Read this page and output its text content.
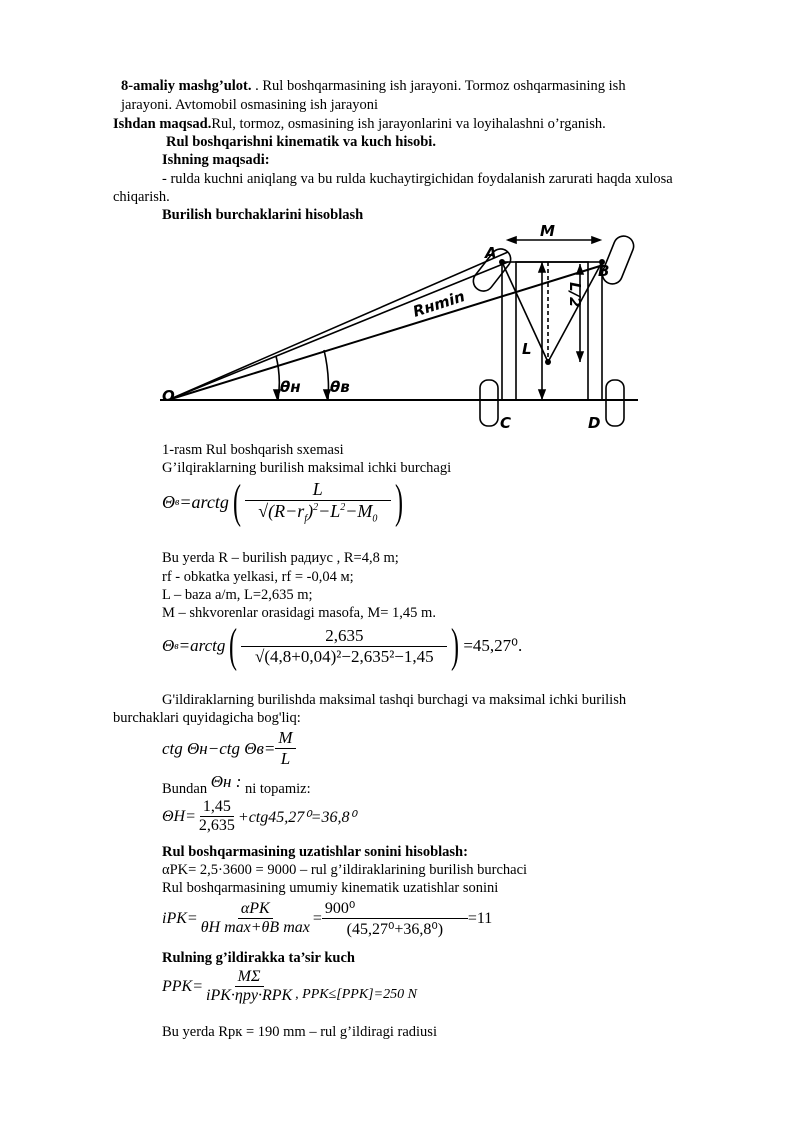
8-amaliy mashg’ulot. . Rul boshqarmasining ish jarayoni. Tormoz oshqarmasining ish
jarayoni. Avtomobil osmasining ish jarayoni
Ishdan maqsad.Rul, tormoz, osmasining ish jarayonlarini va loyihalashni o’rganish.
Rul boshqarishni kinematik va kuch hisobi.
Ishning maqsadi:
- rulda kuchni aniqlang va bu rulda kuchaytirgichidan foydalanish zarurati haqda xulosa
chiqarish.
Burilish burchaklarini hisoblash
O
A
B
C	D
M
L
L/2
Rнmin
θн θв
1-rasm Rul boshqarish sxemasi
G’ilqiraklarning burilish maksimal ichki burchagi
Θ в =arctg ( $\frac{L}{√(R-r_f)^2-L^2-M_0}$ )
Bu yerda R – burilish радиус , R=4,8 m;
rf - obkatka yelkasi, rf = -0,04 м;
L – baza a/m, L=2,635 m;
M – shkvorenlar orasidagi masofa, M= 1,45 m.
Θ в =arctg ( $\frac{2,635}{\text{√(4,8+0,04)²−2,635²−1,45}}$ ) =45,27⁰.
G'ildiraklarning burilishda maksimal tashqi burchagi va maksimal ichki burilish
burchaklari quyidagicha bog'liq:
ctg Θн−ctg $\Theta в= \frac{M}{L}$
Bundan Θн : ni topamiz:
$\Theta H= \frac{1,45}{2,635} +ctg45,27^0=36,8^0$
Rul boshqarmasining uzatishlar sonini hisoblash:
αPK= 2,5·3600 = 9000 – rul g’ildiraklarining burilish burchaci
Rul boshqarmasining umumiy kinematik uzatishlar sonini
$iPK= \frac{\text{αPK}}{\text{θH max+θB max}} = \frac{\text{900⁰}}{\text{(45,27⁰+36,8⁰)}} =11$
Rulning g’ildirakka ta’sir kuch
$PPK= \frac{M\Sigma}{\text{iPK·ηpy·RPK}}$ , PPK≤[PPK]=250 N
Bu yerda Rрк = 190 mm – rul g’ildiragi radiusi
